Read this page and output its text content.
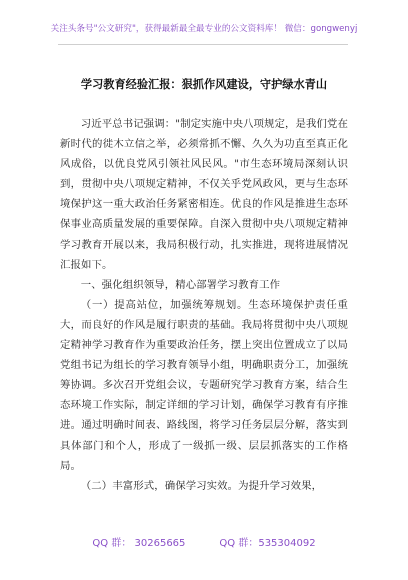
关注头条号"公文研究"，获得最新最全最专业的公文资料库！ 微信：gongwenyj
学习教育经验汇报：狠抓作风建设，守护绿水青山

习近平总书记强调："制定实施中央八项规定，是我们党在新时代的徙木立信之举，必须常抓不懈、久久为功直至真正化风成俗，以优良党风引领社风民风。"市生态环境局深刻认识到，贯彻中央八项规定精神，不仅关乎党风政风，更与生态环境保护这一重大政治任务紧密相连。优良的作风是推进生态环保事业高质量发展的重要保障。自深入贯彻中央八项规定精神学习教育开展以来，我局积极行动，扎实推进，现将进展情况汇报如下。

一、强化组织领导，精心部署学习教育工作

（一）提高站位，加强统筹规划。生态环境保护责任重大，而良好的作风是履行职责的基础。我局将贯彻中央八项规定精神学习教育作为重要政治任务，摆上突出位置成立了以局党组书记为组长的学习教育领导小组，明确职责分工，加强统筹协调。多次召开党组会议，专题研究学习教育方案，结合生态环境工作实际，制定详细的学习计划，确保学习教育有序推进。通过明确时间表、路线图，将学习任务层层分解，落实到具体部门和个人，形成了一级抓一级、层层抓落实的工作格局。

（二）丰富形式，确保学习实效。为提升学习效果，

QQ 群： 30265665	QQ 群：535304092
